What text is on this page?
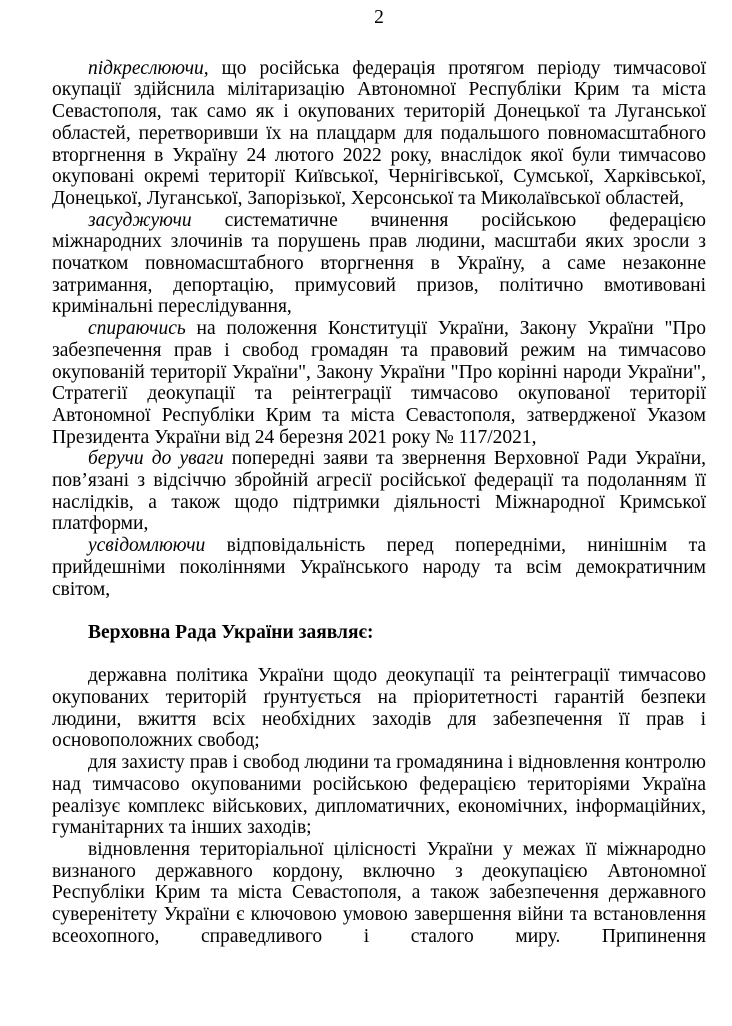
2

підкреслюючи, що російська федерація протягом періоду тимчасової окупації здійснила мілітаризацію Автономної Республіки Крим та міста Севастополя, так само як і окупованих територій Донецької та Луганської областей, перетворивши їх на плацдарм для подальшого повномасштабного вторгнення в Україну 24 лютого 2022 року, внаслідок якої були тимчасово окуповані окремі території Київської, Чернігівської, Сумської, Харківської, Донецької, Луганської, Запорізької, Херсонської та Миколаївської областей,

засуджуючи систематичне вчинення російською федерацією міжнародних злочинів та порушень прав людини, масштаби яких зросли з початком повномасштабного вторгнення в Україну, а саме незаконне затримання, депортацію, примусовий призов, політично вмотивовані кримінальні переслідування,

спираючись на положення Конституції України, Закону України "Про забезпечення прав і свобод громадян та правовий режим на тимчасово окупованій території України", Закону України "Про корінні народи України", Стратегії деокупації та реінтеграції тимчасово окупованої території Автономної Республіки Крим та міста Севастополя, затвердженої Указом Президента України від 24 березня 2021 року № 117/2021,

беручи до уваги попередні заяви та звернення Верховної Ради України, пов’язані з відсіччю збройній агресії російської федерації та подоланням її наслідків, а також щодо підтримки діяльності Міжнародної Кримської платформи,

усвідомлюючи відповідальність перед попередніми, нинішнім та прийдешніми поколіннями Українського народу та всім демократичним світом,

Верховна Рада України заявляє:

державна політика України щодо деокупації та реінтеграції тимчасово окупованих територій ґрунтується на пріоритетності гарантій безпеки людини, вжиття всіх необхідних заходів для забезпечення її прав і основоположних свобод;

для захисту прав і свобод людини та громадянина і відновлення контролю над тимчасово окупованими російською федерацією територіями Україна реалізує комплекс військових, дипломатичних, економічних, інформаційних, гуманітарних та інших заходів;

відновлення територіальної цілісності України у межах її міжнародно визнаного державного кордону, включно з деокупацією Автономної Республіки Крим та міста Севастополя, а також забезпечення державного суверенітету України є ключовою умовою завершення війни та встановлення всеохопного, справедливого і сталого миру. Припинення
